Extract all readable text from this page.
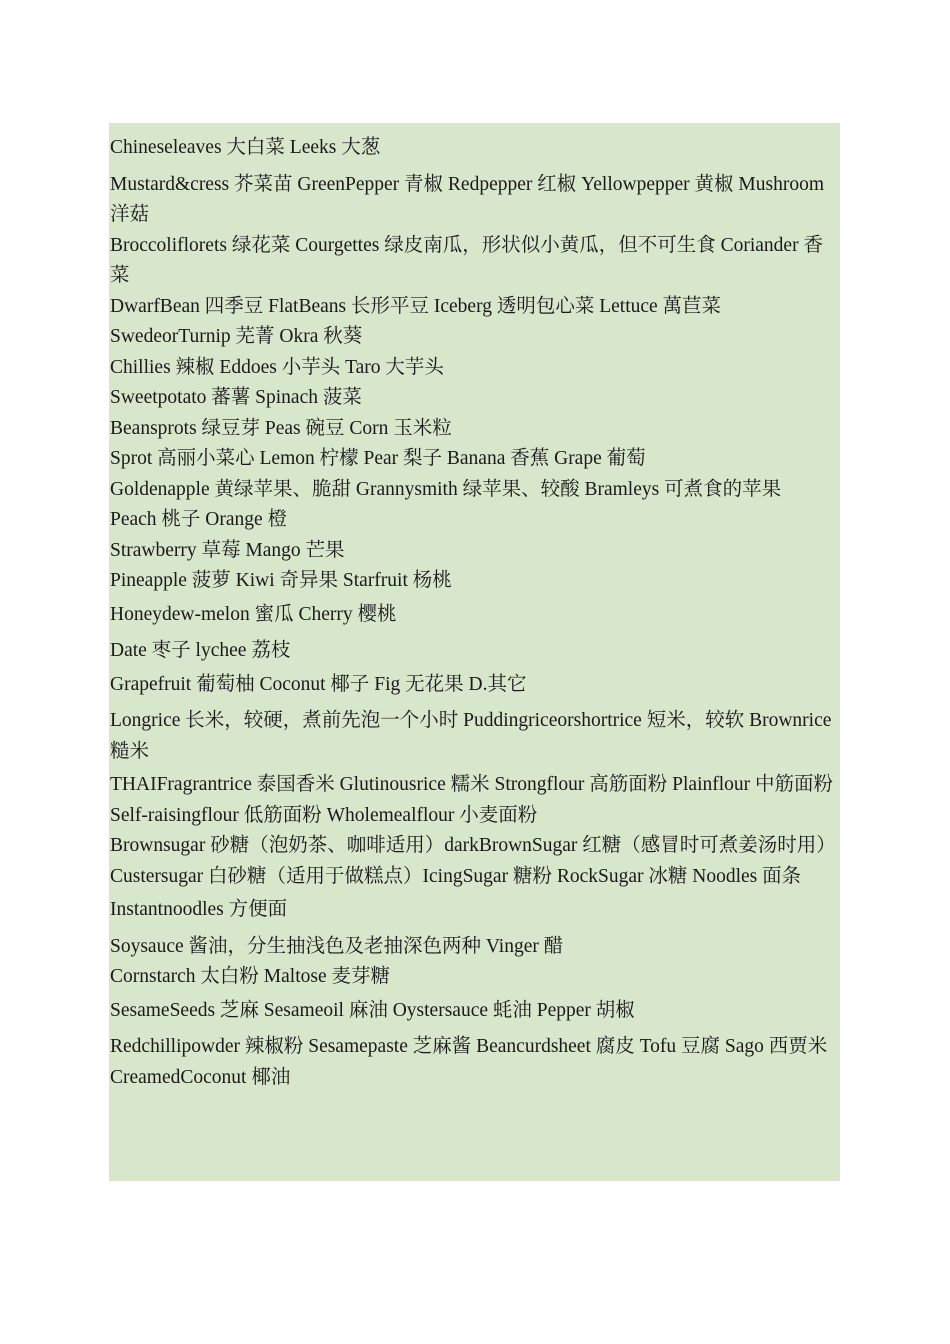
Chineseleaves 大白菜 Leeks 大葱

Mustard&cress 芥菜苗 GreenPepper 青椒 Redpepper 红椒 Yellowpepper 黄椒 Mushroom 洋菇

Broccoliflorets 绿花菜 Courgettes 绿皮南瓜，形状似小黄瓜，但不可生食 Coriander 香菜

DwarfBean 四季豆 FlatBeans 长形平豆 Iceberg 透明包心菜 Lettuce 萬苣菜

SwedeorTurnip 芜菁 Okra 秋葵

Chillies 辣椒 Eddoes 小芋头 Taro 大芋头

Sweetpotato 蕃薯 Spinach 菠菜

Beansprots 绿豆芽 Peas 碗豆 Corn 玉米粒

Sprot 高丽小菜心 Lemon 柠檬 Pear 梨子 Banana 香蕉 Grape 葡萄

Goldenapple 黄绿苹果、脆甜 Grannysmith 绿苹果、较酸 Bramleys 可煮食的苹果

Peach 桃子 Orange 橙

Strawberry 草莓 Mango 芒果

Pineapple 菠萝 Kiwi 奇异果 Starfruit 杨桃

Honeydew-melon 蜜瓜 Cherry 樱桃

Date 枣子 lychee 荔枝

Grapefruit 葡萄柚 Coconut 椰子 Fig 无花果 D.其它

Longrice 长米，较硬，煮前先泡一个小时 Puddingriceorshortrice 短米，较软 Brownrice 糙米

THAIFragrantrice 泰国香米 Glutinousrice 糯米 Strongflour 高筋面粉 Plainflour 中筋面粉

Self-raisingflour 低筋面粉 Wholemealflour 小麦面粉

Brownsugar 砂糖（泡奶茶、咖啡适用）darkBrownSugar 红糖（感冒时可煮姜汤时用）Custersugar 白砂糖（适用于做糕点）IcingSugar 糖粉 RockSugar 冰糖 Noodles 面条

Instantnoodles 方便面

Soysauce 酱油，分生抽浅色及老抽深色两种 Vinger 醋

Cornstarch 太白粉 Maltose 麦芽糖

SesameSeeds 芝麻 Sesameoil 麻油 Oystersauce 蚝油 Pepper 胡椒

Redchillipowder 辣椒粉 Sesamepaste 芝麻酱 Beancurdsheet 腐皮 Tofu 豆腐 Sago 西贾米

CreamedCoconut 椰油
